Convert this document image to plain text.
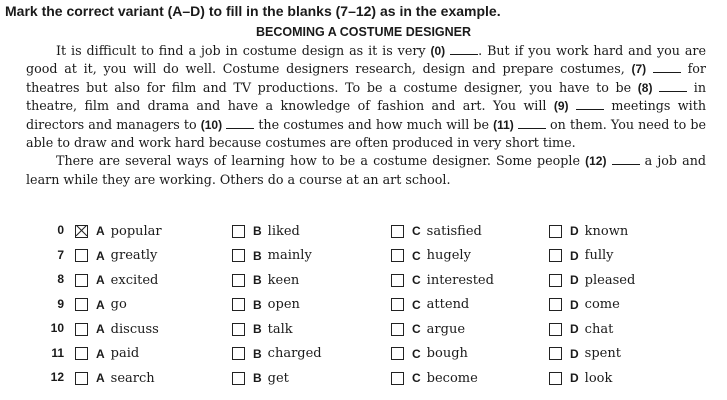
Mark the correct variant (A–D) to fill in the blanks (7–12) as in the example.
BECOMING A COSTUME DESIGNER

It is difficult to find a job in costume design as it is very (0)	. But if you work hard and you are good at it, you will do well. Costume designers research, design and prepare costumes, (7)	for theatres but also for film and TV productions. To be a costume designer, you have to be (8)	in theatre, film and drama and have a knowledge of fashion and art. You will (9)	meetings with directors and managers to (10)	the costumes and how much will be (11)	on them. You need to be able to draw and work hard because costumes are often produced in very short time.

There are several ways of learning how to be a costume designer. Some people (12)	a job and learn while they are working. Others do a course at an art school.

0	A popular	B liked	C satisfied	D known
7	A greatly	B mainly	C hugely	D fully
8	A excited	B keen	C interested	D pleased
9	A go	B open	C attend	D come
10	A discuss	B talk	C argue	D chat
11	A paid	B charged	C bough	D spent
12	A search	B get	C become	D look
